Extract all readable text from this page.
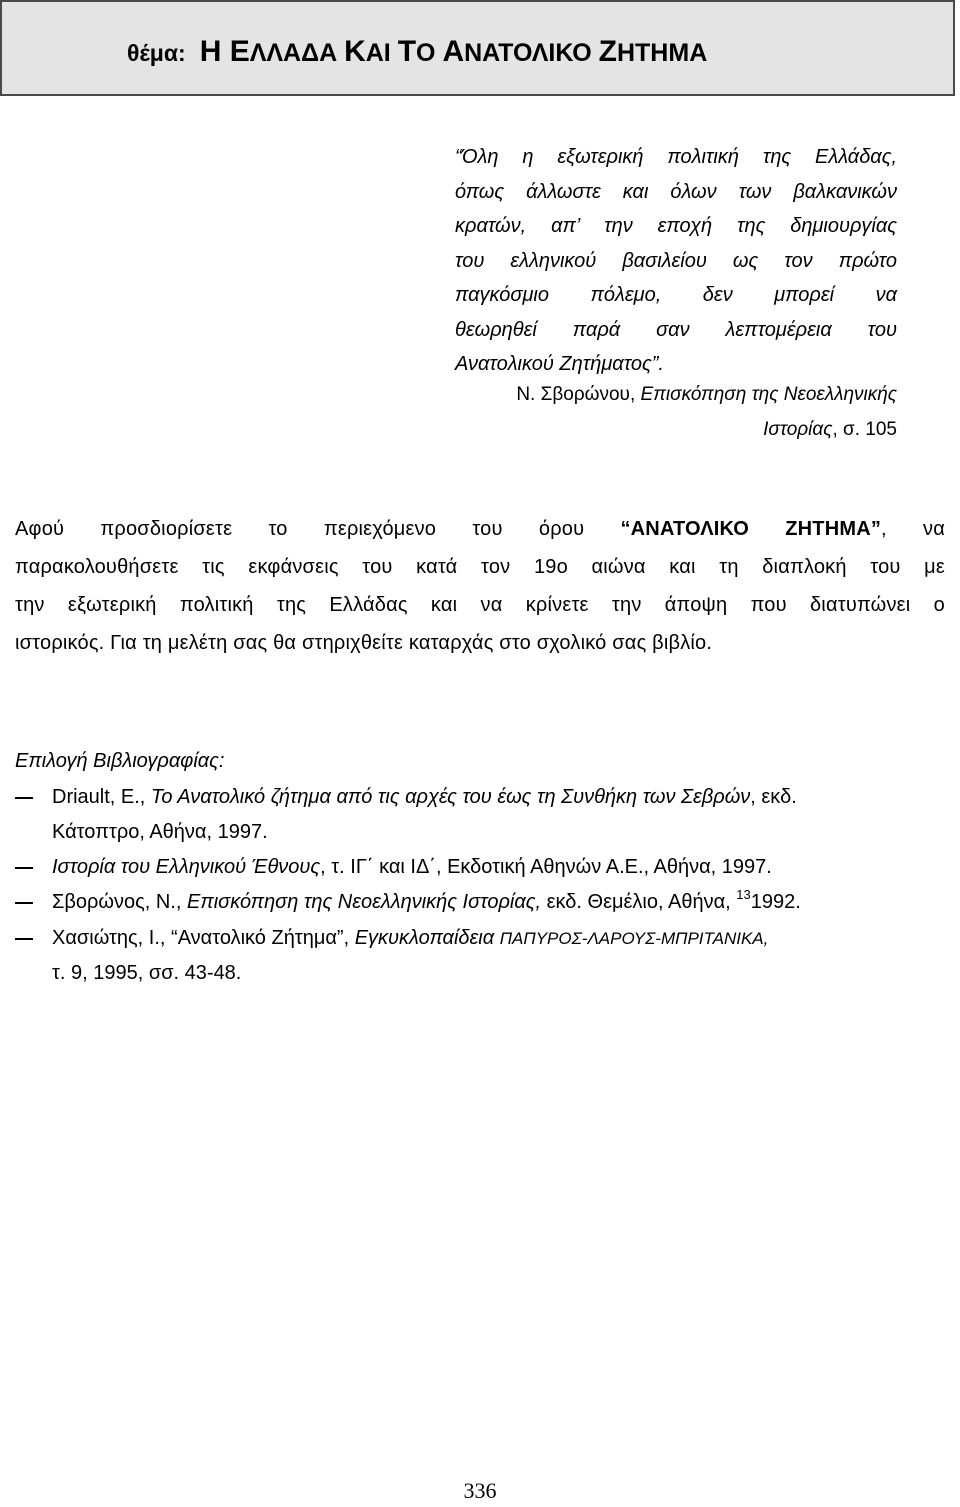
θέμα: Η ΕΛΛΑΔΑ ΚΑΙ ΤΟ ΑΝΑΤΟΛΙΚΟ ΖΗΤΗΜΑ
“Όλη η εξωτερική πολιτική της Ελλάδας,
όπως άλλωστε και όλων των βαλκανικών
κρατών, απ’ την εποχή της δημιουργίας
του ελληνικού βασιλείου ως τον πρώτο
παγκόσμιο πόλεμο, δεν μπορεί να
θεωρηθεί παρά σαν λεπτομέρεια του
Ανατολικού Ζητήματος”.
Ν. Σβορώνου, Επισκόπηση της Νεοελληνικής
Ιστορίας, σ. 105
Αφού προσδιορίσετε το περιεχόμενο του όρου “ΑΝΑΤΟΛΙΚΟ ΖΗΤΗΜΑ”, να
παρακολουθήσετε τις εκφάνσεις του κατά τον 19ο αιώνα και τη διαπλοκή του με
την εξωτερική πολιτική της Ελλάδας και να κρίνετε την άποψη που διατυπώνει ο
ιστορικός. Για τη μελέτη σας θα στηριχθείτε καταρχάς στο σχολικό σας βιβλίο.
Επιλογή Βιβλιογραφίας:
Driault, E., Το Ανατολικό ζήτημα από τις αρχές του έως τη Συνθήκη των Σεβρών, εκδ.
Κάτοπτρο, Αθήνα, 1997.
Ιστορία του Ελληνικού Έθνους, τ. ΙΓ΄ και ΙΔ΄, Εκδοτική Αθηνών Α.Ε., Αθήνα, 1997.
Σβορώνος, Ν., Επισκόπηση της Νεοελληνικής Ιστορίας, εκδ. Θεμέλιο, Αθήνα, $^{13}$1992.
Χασιώτης, Ι., “Ανατολικό Ζήτημα”, Εγκυκλοπαίδεια ΠΑΠΥΡΟΣ-ΛΑΡΟΥΣ-ΜΠΡΙΤΑΝΙΚΑ,
τ. 9, 1995, σσ. 43-48.
336
